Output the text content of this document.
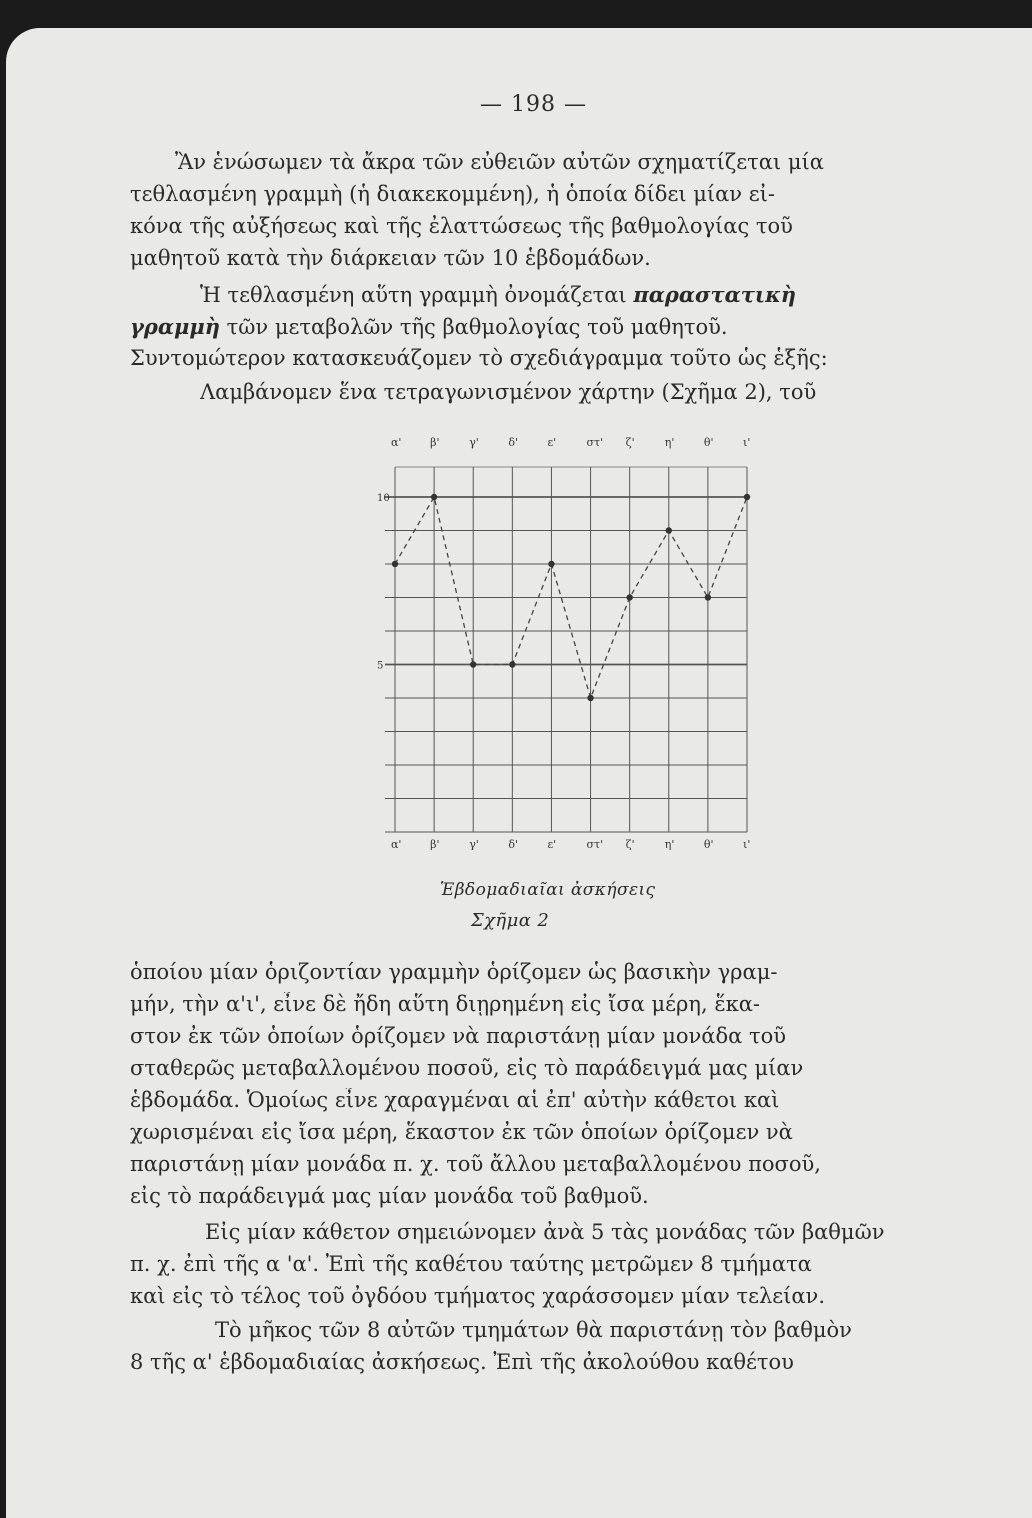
— 198 —
Ἂν ἑνώσωμεν τὰ ἄκρα τῶν εὐθειῶν αὐτῶν σχηματίζεται μία
τεθλασμένη γραμμὴ (ἡ διακεκομμένη), ἡ ὁποία δίδει μίαν εἰ-
κόνα τῆς αὐξήσεως καὶ τῆς ἐλαττώσεως τῆς βαθμολογίας τοῦ
μαθητοῦ κατὰ τὴν διάρκειαν τῶν 10 ἑβδομάδων.
Ἡ τεθλασμένη αὕτη γραμμὴ ὀνομάζεται παραστατικὴ
γραμμὴ τῶν μεταβολῶν τῆς βαθμολογίας τοῦ μαθητοῦ.
Συντομώτερον κατασκευάζομεν τὸ σχεδιάγραμμα τοῦτο ὡς ἑξῆς:
Λαμβάνομεν ἕνα τετραγωνισμένον χάρτην (Σχῆμα 2), τοῦ
α'	β'	γ'	δ'	ε'	στ' ζ'	η'	θ'	ι'
α'	β'	γ'	δ'	ε'	στ' ζ'	η'	θ'	ι'
10
5
Ἑβδομαδιαῖαι ἀσκήσεις
Σχῆμα 2
ὁποίου μίαν ὁριζοντίαν γραμμὴν ὁρίζομεν ὡς βασικὴν γραμ-
μήν, τὴν α'ι', εἶνε δὲ ἤδη αὕτη διῃρημένη εἰς ἴσα μέρη, ἕκα-
στον ἐκ τῶν ὁποίων ὁρίζομεν νὰ παριστάνῃ μίαν μονάδα τοῦ
σταθερῶς μεταβαλλομένου ποσοῦ, εἰς τὸ παράδειγμά μας μίαν
ἑβδομάδα. Ὁμοίως εἶνε χαραγμέναι αἱ ἐπ' αὐτὴν κάθετοι καὶ
χωρισμέναι εἰς ἴσα μέρη, ἕκαστον ἐκ τῶν ὁποίων ὁρίζομεν νὰ
παριστάνῃ μίαν μονάδα π. χ. τοῦ ἄλλου μεταβαλλομένου ποσοῦ,
εἰς τὸ παράδειγμά μας μίαν μονάδα τοῦ βαθμοῦ.
Εἰς μίαν κάθετον σημειώνομεν ἀνὰ 5 τὰς μονάδας τῶν βαθμῶν
π. χ. ἐπὶ τῆς α 'α'. Ἐπὶ τῆς καθέτου ταύτης μετρῶμεν 8 τμήματα
καὶ εἰς τὸ τέλος τοῦ ὀγδόου τμήματος χαράσσομεν μίαν τελείαν.
Τὸ μῆκος τῶν 8 αὐτῶν τμημάτων θὰ παριστάνῃ τὸν βαθμὸν
8 τῆς α' ἑβδομαδιαίας ἀσκήσεως. Ἐπὶ τῆς ἀκολούθου καθέτου
